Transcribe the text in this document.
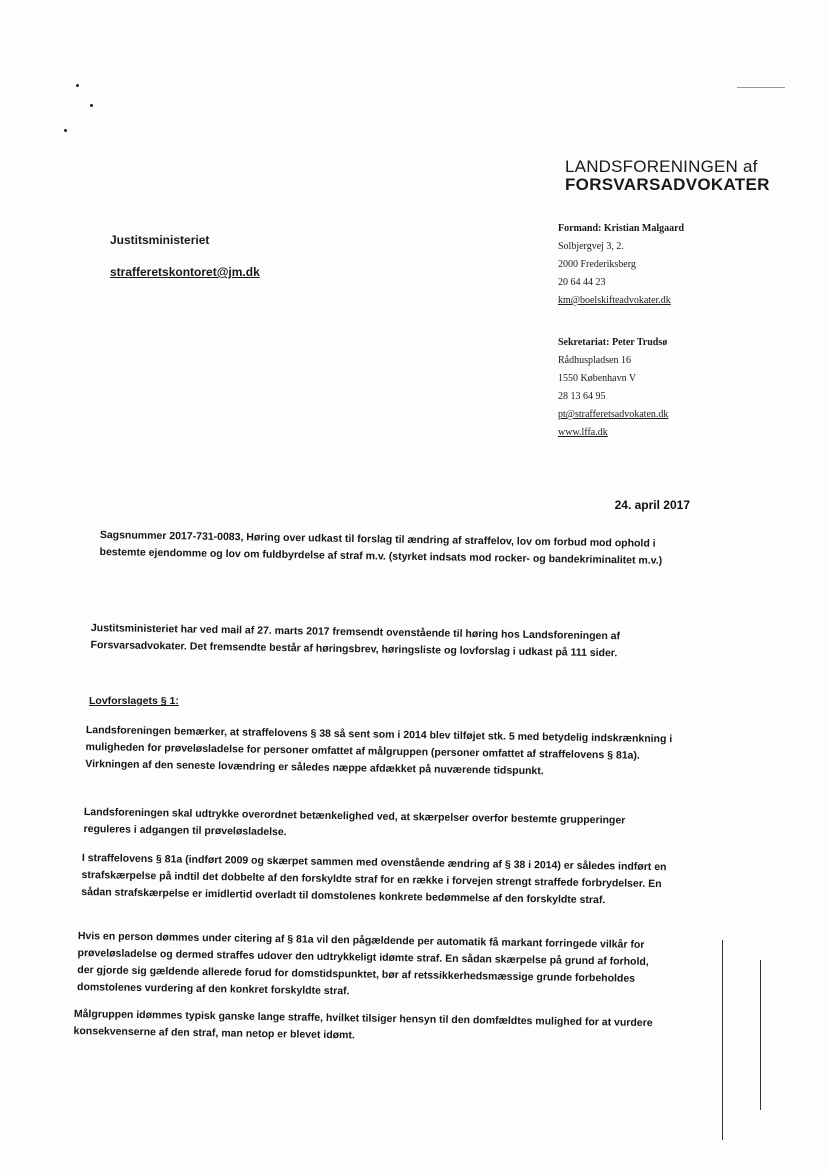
LANDSFORENINGEN af
FORSVARSADVOKATER
Formand: Kristian Malgaard
Solbjergvej 3, 2.
2000 Frederiksberg
20 64 44 23
km@boelskifteadvokater.dk
Sekretariat: Peter Trudsø
Rådhuspladsen 16
1550 København V
28 13 64 95
pt@strafferetsadvokaten.dk
www.lffa.dk
Justitsministeriet
strafferetskontoret@jm.dk
24. april 2017
Sagsnummer 2017-731-0083, Høring over udkast til forslag til ændring af straffelov, lov om forbud mod ophold i bestemte ejendomme og lov om fuldbyrdelse af straf m.v. (styrket indsats mod rocker- og bandekriminalitet m.v.)
Justitsministeriet har ved mail af 27. marts 2017 fremsendt ovenstående til høring hos Landsforeningen af Forsvarsadvokater. Det fremsendte består af høringsbrev, høringsliste og lovforslag i udkast på 111 sider.
Lovforslagets § 1:
Landsforeningen bemærker, at straffelovens § 38 så sent som i 2014 blev tilføjet stk. 5 med betydelig indskrænkning i muligheden for prøveløsladelse for personer omfattet af målgruppen (personer omfattet af straffelovens § 81a). Virkningen af den seneste lovændring er således næppe afdækket på nuværende tidspunkt.
Landsforeningen skal udtrykke overordnet betænkelighed ved, at skærpelser overfor bestemte grupperinger reguleres i adgangen til prøveløsladelse.
I straffelovens § 81a (indført 2009 og skærpet sammen med ovenstående ændring af § 38 i 2014) er således indført en strafskærpelse på indtil det dobbelte af den forskyldte straf for en række i forvejen strengt straffede forbrydelser. En sådan strafskærpelse er imidlertid overladt til domstolenes konkrete bedømmelse af den forskyldte straf.
Hvis en person dømmes under citering af § 81a vil den pågældende per automatik få markant forringede vilkår for prøveløsladelse og dermed straffes udover den udtrykkeligt idømte straf. En sådan skærpelse på grund af forhold, der gjorde sig gældende allerede forud for domstidspunktet, bør af retssikkerhedsmæssige grunde forbeholdes domstolenes vurdering af den konkret forskyldte straf.
Målgruppen idømmes typisk ganske lange straffe, hvilket tilsiger hensyn til den domfældtes mulighed for at vurdere konsekvenserne af den straf, man netop er blevet idømt.
